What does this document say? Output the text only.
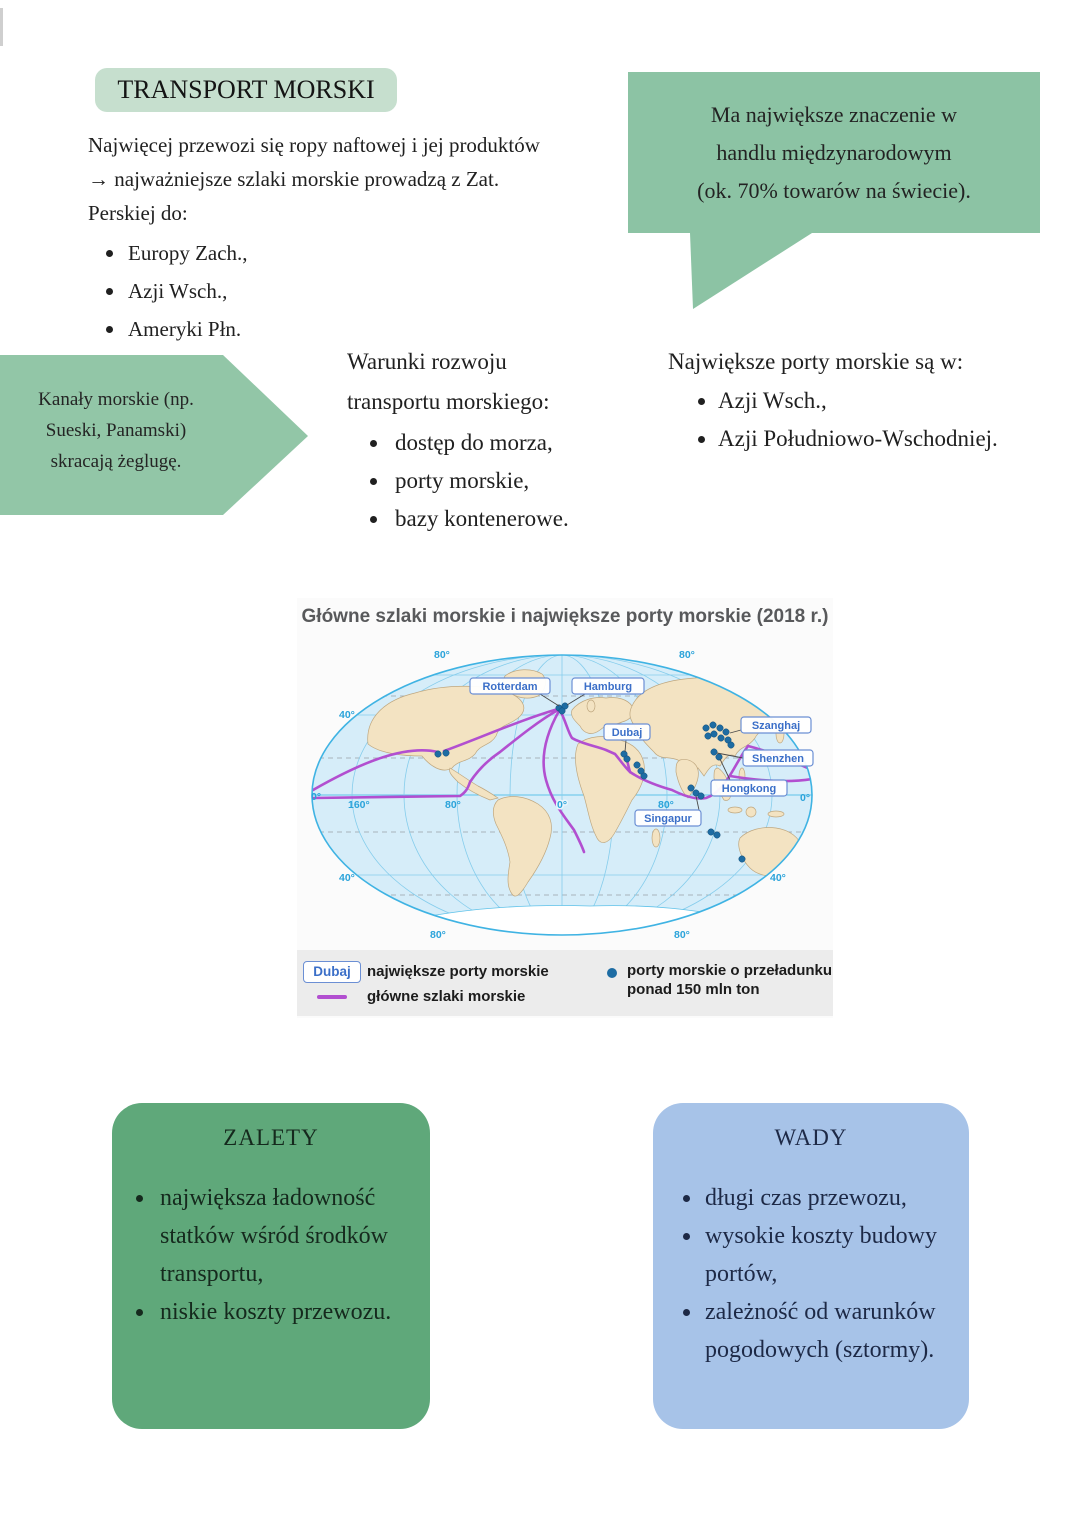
TRANSPORT MORSKI
Najwięcej przewozi się ropy naftowej i jej produktów
→ najważniejsze szlaki morskie prowadzą z Zat.
Perskiej do:
Europy Zach.,
Azji Wsch.,
Ameryki Płn.
Ma największe znaczenie w
handlu międzynarodowym
(ok. 70% towarów na świecie).
Kanały morskie (np.
Sueski, Panamski)
skracają żeglugę.
Warunki rozwoju
transportu morskiego:
dostęp do morza,
porty morskie,
bazy kontenerowe.
Największe porty morskie są w:
Azji Wsch.,
Azji Południowo-Wschodniej.
Główne szlaki morskie i największe porty morskie (2018 r.)
Rotterdam	Hamburg
Dubaj
Szanghaj
Shenzhen
Hongkong
Singapur
80°	80°
40°
0°
160°	80°	0°	80°
0°
40°	40°
80°	80°
Dubaj	największe porty morskie
główne szlaki morskie
porty morskie o przeładunku
ponad 150 mln ton
ZALETY
największa ładowność statków wśród środków transportu,
niskie koszty przewozu.
WADY
długi czas przewozu,
wysokie koszty budowy portów,
zależność od warunków pogodowych (sztormy).
